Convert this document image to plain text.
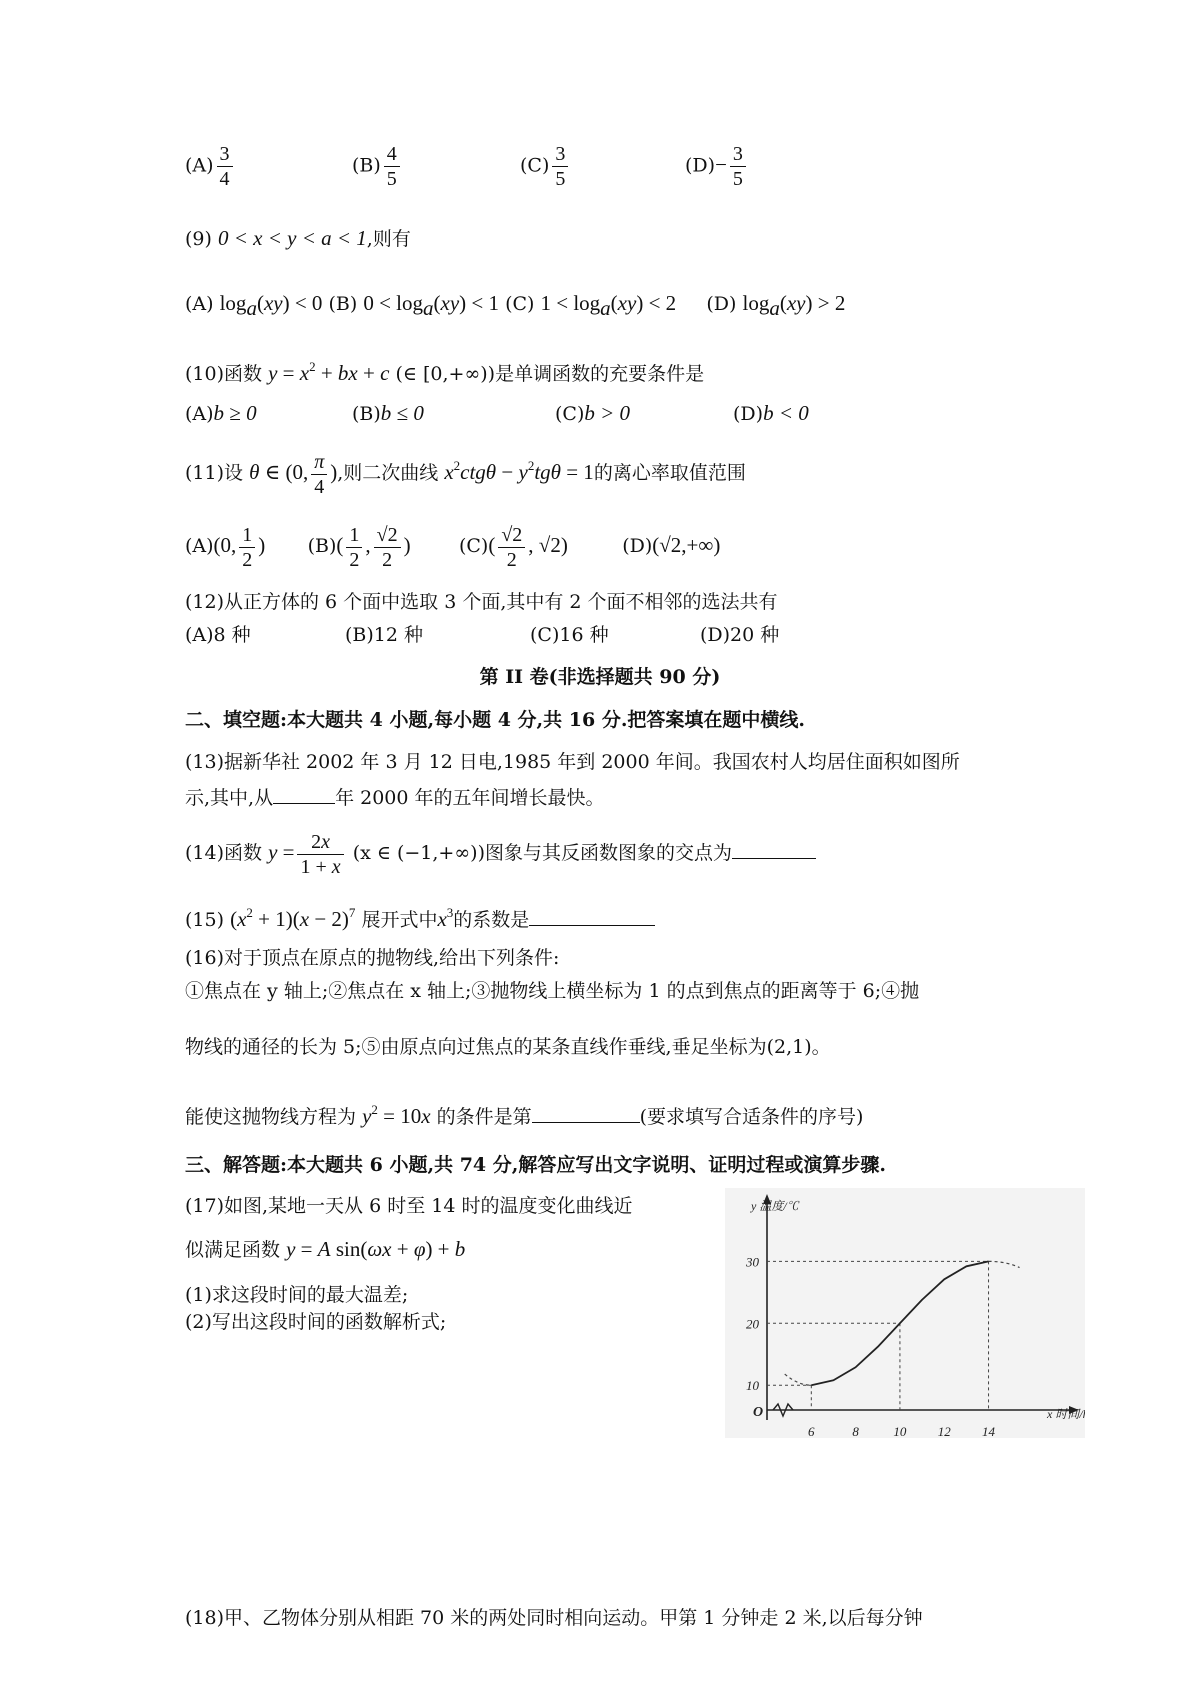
$(A) \frac{3}{4}$	$(B) \frac{4}{5}$	$(C) \frac{3}{5}$	$(D)- \frac{3}{5}$
(9) 0 < x < y < a < 1,则有
(A) $\log_a(xy) < 0$ (B) $0 < \log_a(xy) < 1$ (C) $1 < \log_a(xy) < 2$ (D) $\log_a(xy) > 2$
(10)函数 $y = x^2$ + bx + c (∈ [0,+∞))是单调函数的充要条件是
(A)b ≥ 0	(B)b ≤ 0	(C)b > 0	(D)b < 0
(11)设 θ ∈ (0, $\frac{\pi}{4}$ ),则二次曲线 $x^2ctg\theta - y^2tg\theta = 1$的离心率取值范围
(A)(0, $\frac{1}{2}$ ) $(B)( \frac{1}{2}$ , $\frac{√2}{2}$ )	$(C)( \frac{√2}{2}$ , √2)	(D)(√2,+∞)
(12)从正方体的 6 个面中选取 3 个面,其中有 2 个面不相邻的选法共有
(A)8 种	(B)12 种	(C)16 种	(D)20 种
第 II 卷(非选择题共 90 分)
二、填空题:本大题共 4 小题,每小题 4 分,共 16 分.把答案填在题中横线.
(13)据新华社 2002 年 3 月 12 日电,1985 年到 2000 年间。我国农村人均居住面积如图所
示,其中,从	年 2000 年的五年间增长最快。
(14)函数 $y = \frac{2x}{1 + x} (x$ ∈ (−1,+∞))图象与其反函数图象的交点为
(15) $(x^2 + 1)(x - 2)^7$ 展开式中$x^3$的系数是
(16)对于顶点在原点的抛物线,给出下列条件:
①焦点在 y 轴上;②焦点在 x 轴上;③抛物线上横坐标为 1 的点到焦点的距离等于 6;④抛
物线的通径的长为 5;⑤由原点向过焦点的某条直线作垂线,垂足坐标为(2,1)。
能使这抛物线方程为 $y^2 = 10x$ 的条件是第	(要求填写合适条件的序号)
三、解答题:本大题共 6 小题,共 74 分,解答应写出文字说明、证明过程或演算步骤.
(17)如图,某地一天从 6 时至 14 时的温度变化曲线近
似满足函数 y = A sin(ωx + φ) + b
(1)求这段时间的最大温差;
(2)写出这段时间的函数解析式;
O
y 温度/℃
x 时间/h
6	8	10 12 14
10
20
30
(18)甲、乙物体分别从相距 70 米的两处同时相向运动。甲第 1 分钟走 2 米,以后每分钟
